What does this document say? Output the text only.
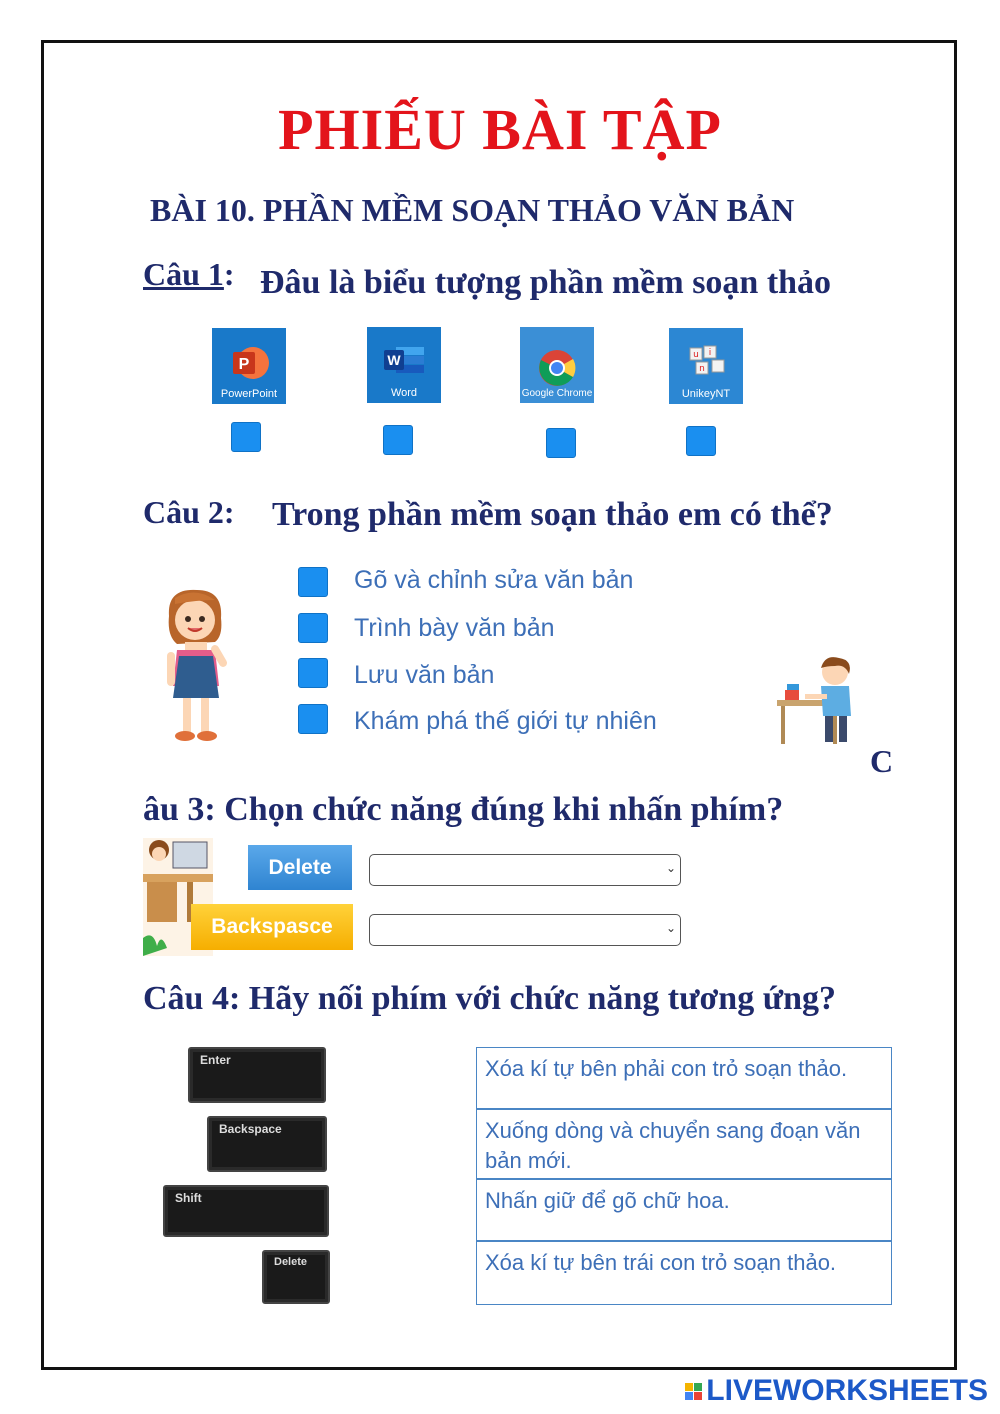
PHIẾU BÀI TẬP
BÀI 10. PHẦN MỀM SOẠN THẢO VĂN BẢN
Câu 1: Đâu là biểu tượng phần mềm soạn thảo
P
PowerPoint
W
Word	Google Chrome
u i
n
UnikeyNT
Câu 2: Trong phần mềm soạn thảo em có thể?
Gõ và chỉnh sửa văn bản
Trình bày văn bản
Lưu văn bản
Khám phá thế giới tự nhiên
C
âu 3: Chọn chức năng đúng khi nhấn phím?
Delete
Backspasce
⌄
⌄
Câu 4: Hãy nối phím với chức năng tương ứng?
Enter
Backspace
Shift
Delete
Xóa kí tự bên phải con trỏ soạn thảo.
Xuống dòng và chuyển sang đoạn văn bản mới.
Nhấn giữ để gõ chữ hoa.
Xóa kí tự bên trái con trỏ soạn thảo.
LIVEWORKSHEETS
